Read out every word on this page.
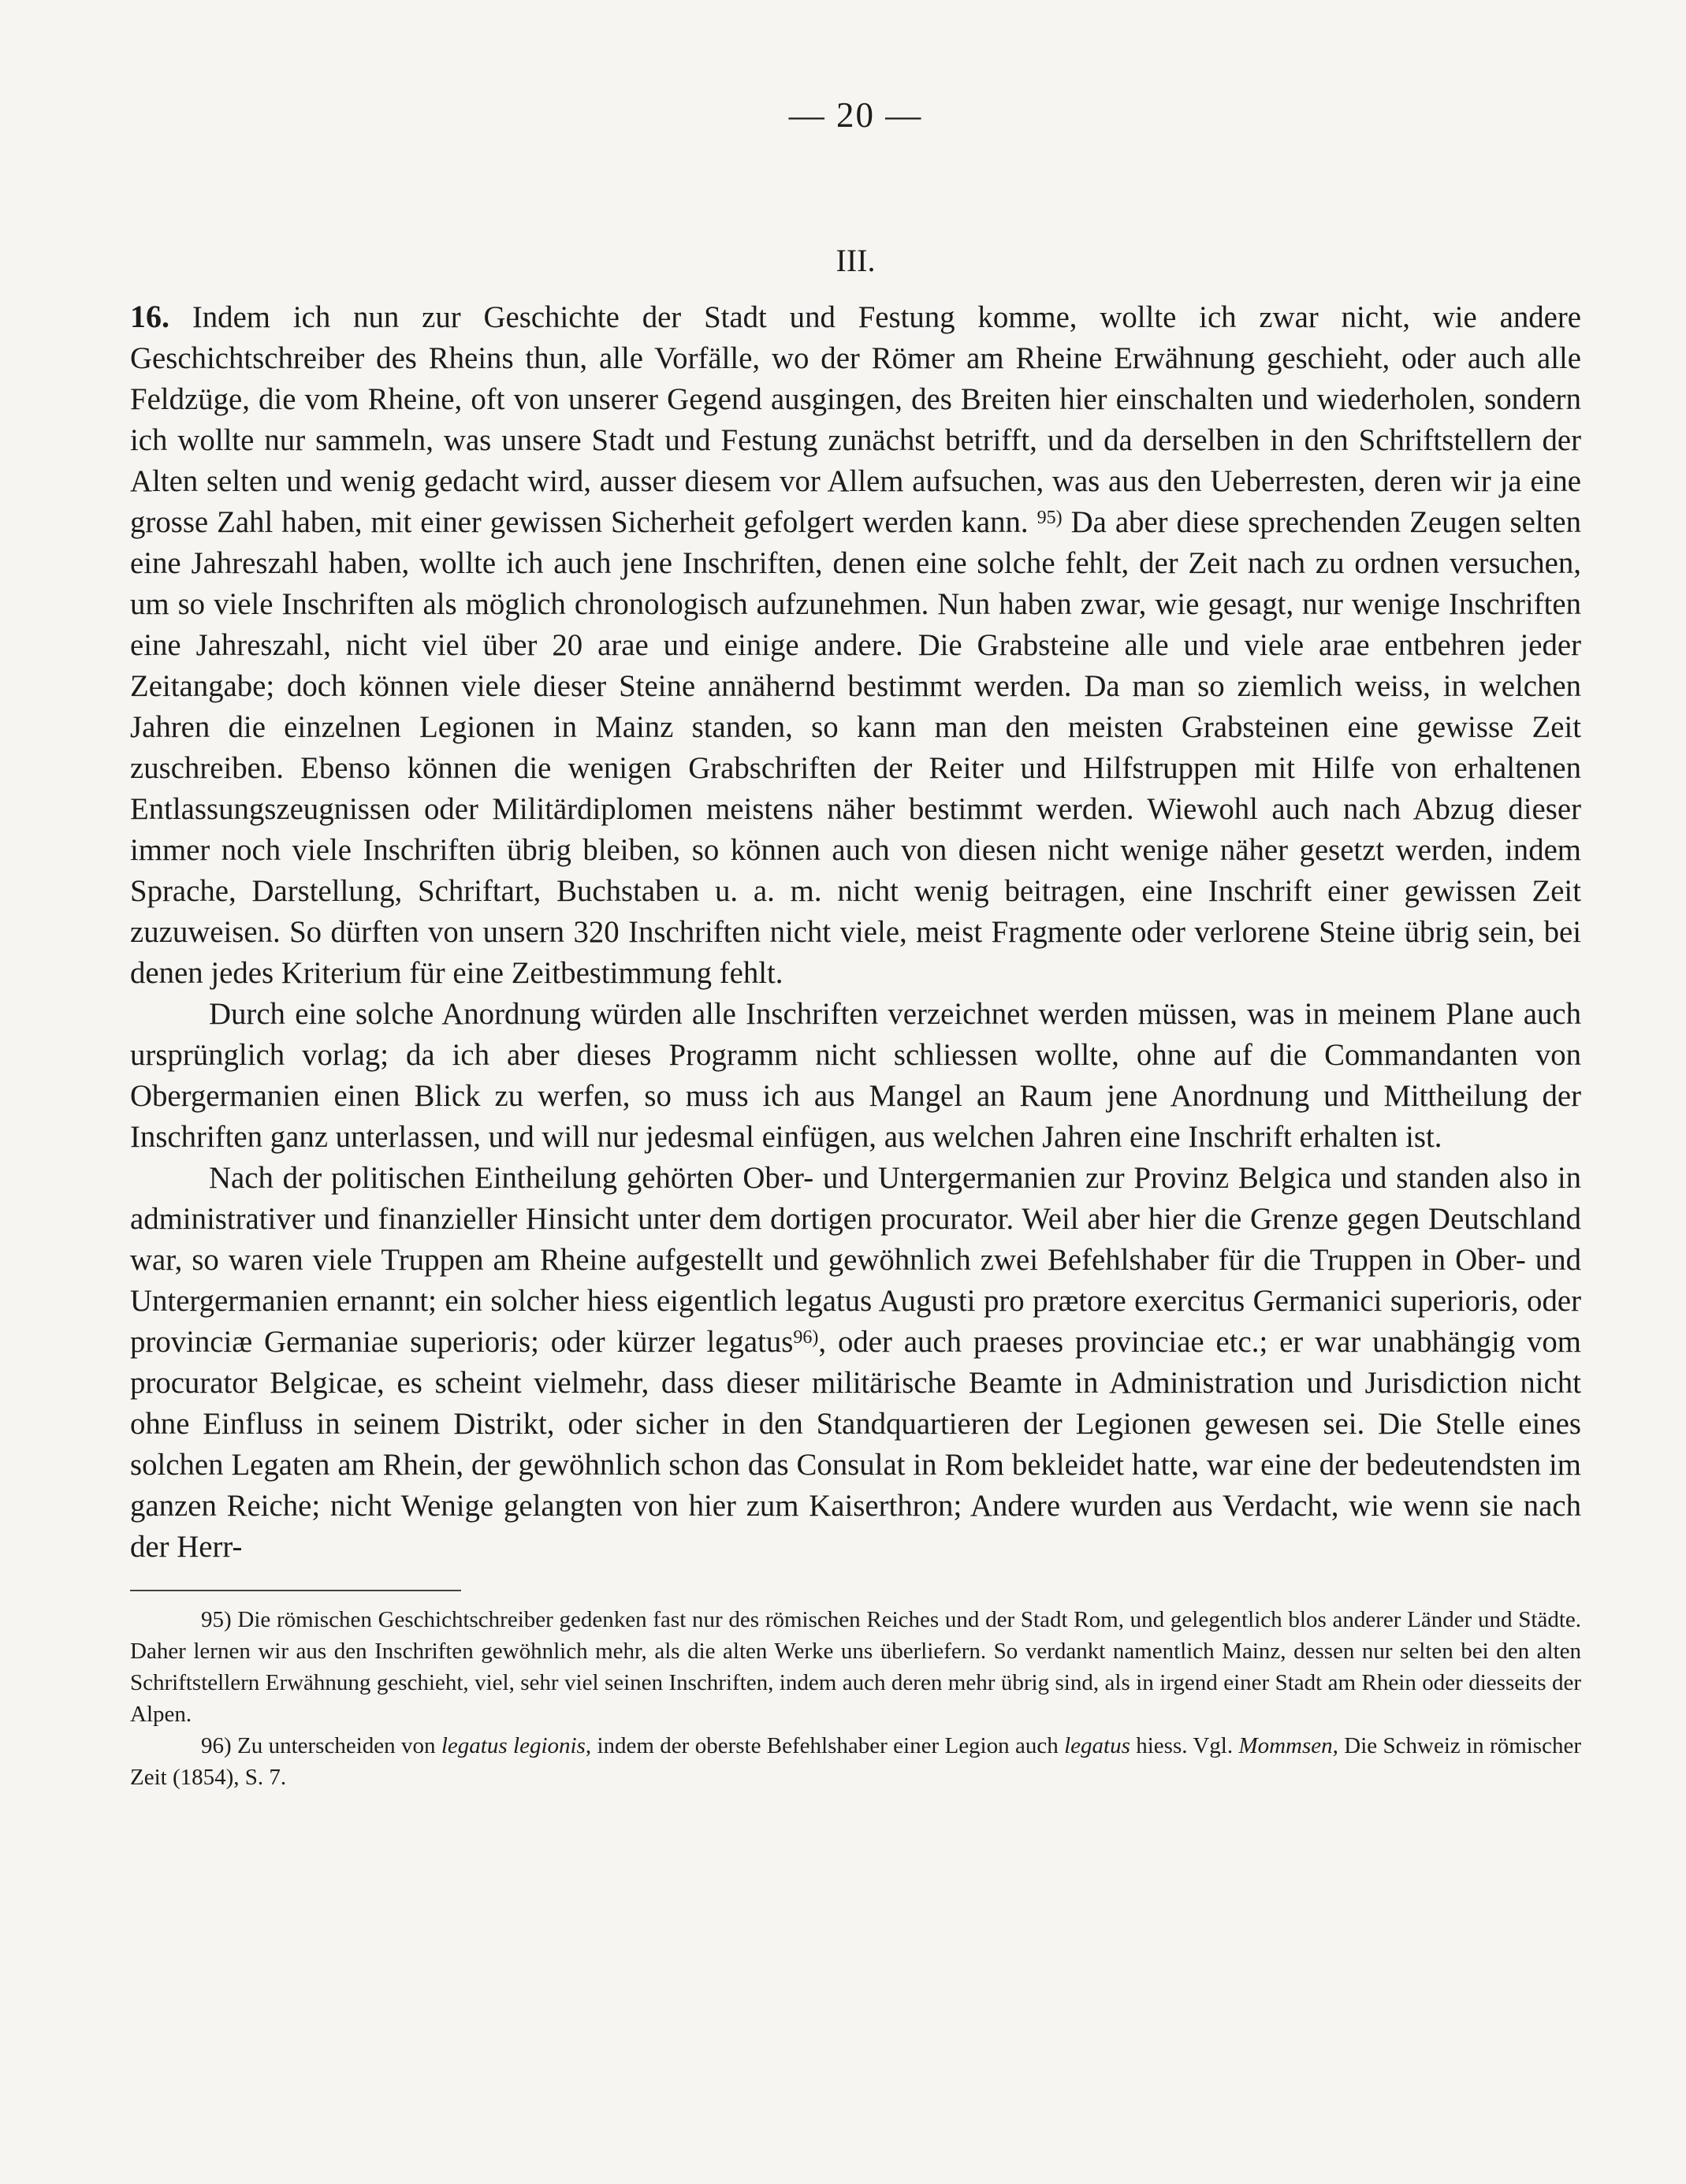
— 20 —
III.

16. Indem ich nun zur Geschichte der Stadt und Festung komme, wollte ich zwar nicht, wie andere Geschichtschreiber des Rheins thun, alle Vorfälle, wo der Römer am Rheine Erwähnung geschieht, oder auch alle Feldzüge, die vom Rheine, oft von unserer Gegend ausgingen, des Breiten hier einschalten und wiederholen, sondern ich wollte nur sammeln, was unsere Stadt und Festung zunächst betrifft, und da derselben in den Schriftstellern der Alten selten und wenig gedacht wird, ausser diesem vor Allem aufsuchen, was aus den Ueberresten, deren wir ja eine grosse Zahl haben, mit einer gewissen Sicherheit gefolgert werden kann. $^{95)}$ Da aber diese sprechenden Zeugen selten eine Jahreszahl haben, wollte ich auch jene Inschriften, denen eine solche fehlt, der Zeit nach zu ordnen versuchen, um so viele Inschriften als möglich chronologisch aufzunehmen. Nun haben zwar, wie gesagt, nur wenige Inschriften eine Jahreszahl, nicht viel über 20 arae und einige andere. Die Grabsteine alle und viele arae entbehren jeder Zeitangabe; doch können viele dieser Steine annähernd bestimmt werden. Da man so ziemlich weiss, in welchen Jahren die einzelnen Legionen in Mainz standen, so kann man den meisten Grabsteinen eine gewisse Zeit zuschreiben. Ebenso können die wenigen Grabschriften der Reiter und Hilfstruppen mit Hilfe von erhaltenen Entlassungszeugnissen oder Militärdiplomen meistens näher bestimmt werden. Wiewohl auch nach Abzug dieser immer noch viele Inschriften übrig bleiben, so können auch von diesen nicht wenige näher gesetzt werden, indem Sprache, Darstellung, Schriftart, Buchstaben u. a. m. nicht wenig beitragen, eine Inschrift einer gewissen Zeit zuzuweisen. So dürften von unsern 320 Inschriften nicht viele, meist Fragmente oder verlorene Steine übrig sein, bei denen jedes Kriterium für eine Zeitbestimmung fehlt.

Durch eine solche Anordnung würden alle Inschriften verzeichnet werden müssen, was in meinem Plane auch ursprünglich vorlag; da ich aber dieses Programm nicht schliessen wollte, ohne auf die Commandanten von Obergermanien einen Blick zu werfen, so muss ich aus Mangel an Raum jene Anordnung und Mittheilung der Inschriften ganz unterlassen, und will nur jedesmal einfügen, aus welchen Jahren eine Inschrift erhalten ist.

Nach der politischen Eintheilung gehörten Ober- und Untergermanien zur Provinz Belgica und standen also in administrativer und finanzieller Hinsicht unter dem dortigen procurator. Weil aber hier die Grenze gegen Deutschland war, so waren viele Truppen am Rheine aufgestellt und gewöhnlich zwei Befehlshaber für die Truppen in Ober- und Untergermanien ernannt; ein solcher hiess eigentlich legatus Augusti pro prætore exercitus Germanici superioris, oder provinciæ Germaniae superioris; oder kürzer legatus$^{96)}$, oder auch praeses provinciae etc.; er war unabhängig vom procurator Belgicae, es scheint vielmehr, dass dieser militärische Beamte in Administration und Jurisdiction nicht ohne Einfluss in seinem Distrikt, oder sicher in den Standquartieren der Legionen gewesen sei. Die Stelle eines solchen Legaten am Rhein, der gewöhnlich schon das Consulat in Rom bekleidet hatte, war eine der bedeutendsten im ganzen Reiche; nicht Wenige gelangten von hier zum Kaiserthron; Andere wurden aus Verdacht, wie wenn sie nach der Herr-

95) Die römischen Geschichtschreiber gedenken fast nur des römischen Reiches und der Stadt Rom, und gelegentlich blos anderer Länder und Städte. Daher lernen wir aus den Inschriften gewöhnlich mehr, als die alten Werke uns überliefern. So verdankt namentlich Mainz, dessen nur selten bei den alten Schriftstellern Erwähnung geschieht, viel, sehr viel seinen Inschriften, indem auch deren mehr übrig sind, als in irgend einer Stadt am Rhein oder diesseits der Alpen.

96) Zu unterscheiden von legatus legionis, indem der oberste Befehlshaber einer Legion auch legatus hiess. Vgl. Mommsen, Die Schweiz in römischer Zeit (1854), S. 7.
